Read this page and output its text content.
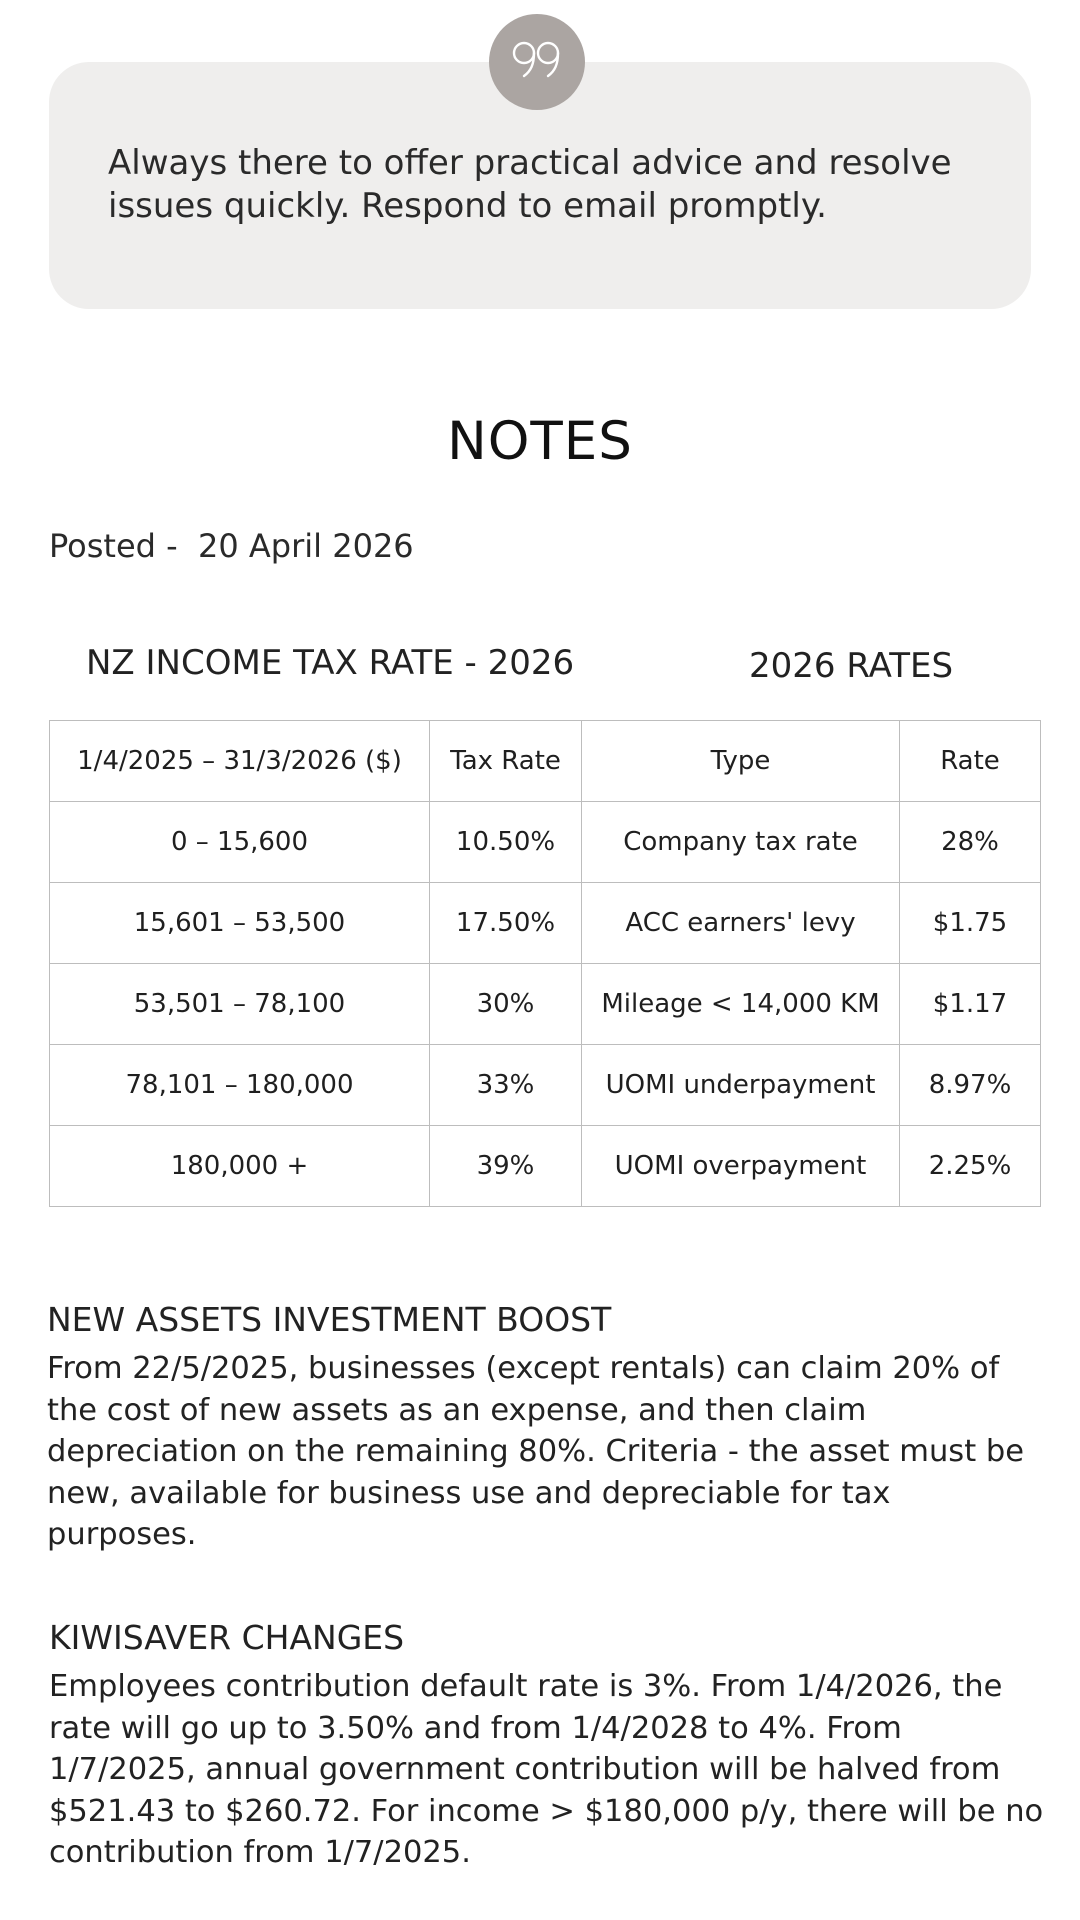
Always there to offer practical advice and resolve issues quickly. Respond to email promptly.

NOTES

Posted -  20 April 2026

NZ INCOME TAX RATE - 2026	2026 RATES
1/4/2025 – 31/3/2026 ($)	Tax Rate	Type	Rate
0 – 15,600	10.50%	Company tax rate	28%
15,601 – 53,500	17.50%	ACC earners' levy	$1.75
53,501 – 78,100	30%	Mileage < 14,000 KM	$1.17
78,101 – 180,000	33%	UOMI underpayment	8.97%
180,000 +	39%	UOMI overpayment	2.25%
NEW ASSETS INVESTMENT BOOST

From 22/5/2025, businesses (except rentals) can claim 20% of the cost of new assets as an expense, and then claim depreciation on the remaining 80%. Criteria - the asset must be new, available for business use and depreciable for tax purposes.

KIWISAVER CHANGES

Employees contribution default rate is 3%. From 1/4/2026, the rate will go up to 3.50% and from 1/4/2028 to 4%. From 1/7/2025, annual government contribution will be halved from $521.43 to $260.72. For income > $180,000 p/y, there will be no contribution from 1/7/2025.
